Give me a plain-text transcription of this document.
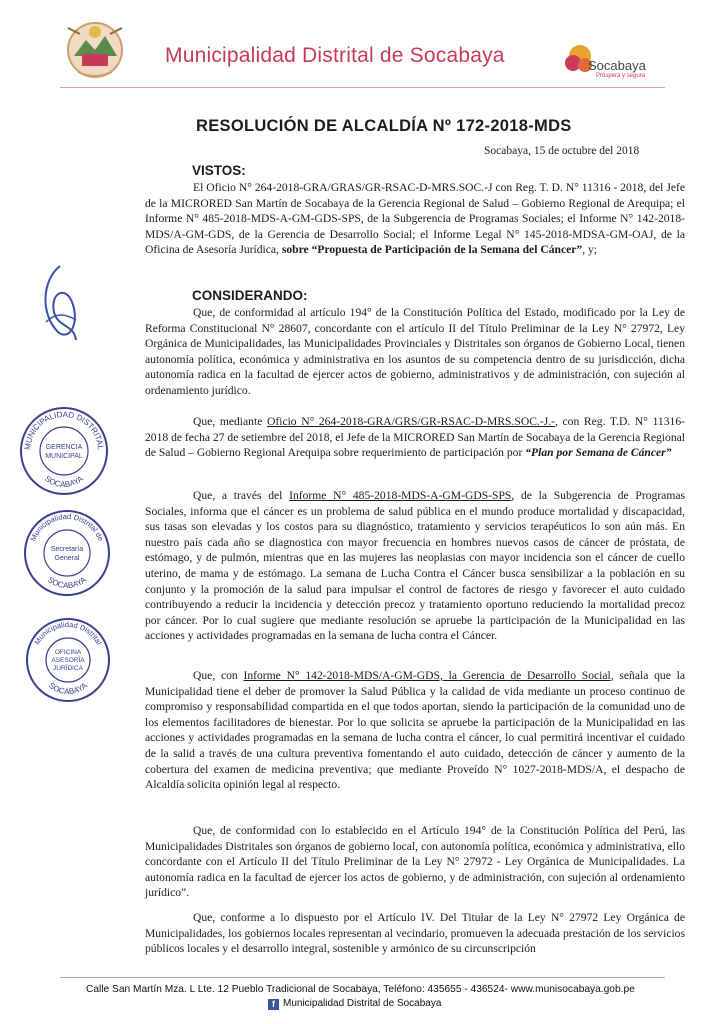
Municipalidad Distrital de Socabaya	Socabaya
Próspera y segura
RESOLUCIÓN DE ALCALDÍA Nº 172-2018-MDS
Socabaya, 15 de octubre del 2018
VISTOS:

El Oficio N° 264-2018-GRA/GRAS/GR-RSAC-D-MRS.SOC.-J con Reg. T. D. N° 11316 - 2018, del Jefe de la MICRORED San Martín de Socabaya de la Gerencia Regional de Salud – Gobierno Regional de Arequipa; el Informe N° 485-2018-MDS-A-GM-GDS-SPS, de la Subgerencia de Programas Sociales; el Informe N° 142-2018-MDS/A-GM-GDS, de la Gerencia de Desarrollo Social; el Informe Legal N° 145-2018-MDSA-GM-OAJ, de la Oficina de Asesoría Jurídica, sobre “Propuesta de Participación de la Semana del Cáncer”, y;

CONSIDERANDO:

Que, de conformidad al artículo 194° de la Constitución Política del Estado, modificado por la Ley de Reforma Constitucional N° 28607, concordante con el artículo II del Título Preliminar de la Ley N° 27972, Ley Orgánica de Municipalidades, las Municipalidades Provinciales y Distritales son órganos de Gobierno Local, tienen autonomía política, económica y administrativa en los asuntos de su competencia dentro de su jurisdicción, dicha autonomía radica en la facultad de ejercer actos de gobierno, administrativos y de administración, con sujeción al ordenamiento jurídico.

Que, mediante Oficio N° 264-2018-GRA/GRS/GR-RSAC-D-MRS.SOC.-J.-, con Reg. T.D. N° 11316-2018 de fecha 27 de setiembre del 2018, el Jefe de la MICRORED San Martín de Socabaya de la Gerencia Regional de Salud – Gobierno Regional Arequipa sobre requerimiento de participación por “Plan por Semana de Cáncer”

Que, a través del Informe N° 485-2018-MDS-A-GM-GDS-SPS, de la Subgerencia de Programas Sociales, informa que el cáncer es un problema de salud pública en el mundo produce mortalidad y discapacidad, sus tasas son elevadas y los costos para su diagnóstico, tratamiento y servicios terapéuticos lo son aún más. En nuestro país cada año se diagnostica con mayor frecuencia en hombres nuevos casos de cáncer de próstata, de estómago, y de pulmón, mientras que en las mujeres las neoplasias con mayor incidencia son el cáncer de cuello uterino, de mama y de estómago. La semana de Lucha Contra el Cáncer busca sensibilizar a la población en su conjunto y la promoción de la salud para impulsar el control de factores de riesgo y favorecer el auto cuidado contribuyendo a reducir la incidencia y detección precoz y tratamiento oportuno reduciendo la mortalidad precoz por cáncer. Por lo cual sugiere que mediante resolución se apruebe la participación de la Municipalidad en las acciones y actividades programadas en la semana de lucha contra el Cáncer.

Que, con Informe N° 142-2018-MDS/A-GM-GDS, la Gerencia de Desarrollo Social, señala que la Municipalidad tiene el deber de promover la Salud Pública y la calidad de vida mediante un proceso continuo de compromiso y responsabilidad compartida en el que todos aportan, siendo la participación de la comunidad uno de los elementos facilitadores de bienestar. Por lo que solicita se apruebe la participación de la Municipalidad en las acciones y actividades programadas en la semana de lucha contra el cáncer, lo cual permitirá incentivar el cuidado de la salid a través de una cultura preventiva fomentando el auto cuidado, detección de cáncer y aumento de la cobertura del examen de medicina preventiva; que mediante Proveído N° 1027-2018-MDS/A, el despacho de Alcaldía solicita opinión legal al respecto.

Que, de conformidad con lo establecido en el Artículo 194° de la Constitución Política del Perú, las Municipalidades Distritales son órganos de gobierno local, con autonomía política, económica y administrativa, ello concordante con el Artículo II del Título Preliminar de la Ley N° 27972 - Ley Orgánica de Municipalidades. La autonomía radica en la facultad de ejercer los actos de gobierno, y de administración, con sujeción al ordenamiento jurídico”.

Que, conforme a lo dispuesto por el Artículo IV. Del Titular de la Ley N° 27972 Ley Orgánica de Municipalidades, los gobiernos locales representan al vecindario, promueven la adecuada prestación de los servicios públicos locales y el desarrollo integral, sostenible y armónico de su circunscripción

MUNICIPALIDAD DISTRITAL
SOCABAYA
GERENCIA
MUNICIPAL
Municipalidad Distrital de
SOCABAYA
Secretaría
General
Municipalidad Distrital
SOCABAYA
OFICINA
ASESORÍA
JURÍDICA
Calle San Martín Mza. L Lte. 12 Pueblo Tradicional de Socabaya, Teléfono: 435655 - 436524- www.munisocabaya.gob.pe
f Municipalidad Distrital de Socabaya
